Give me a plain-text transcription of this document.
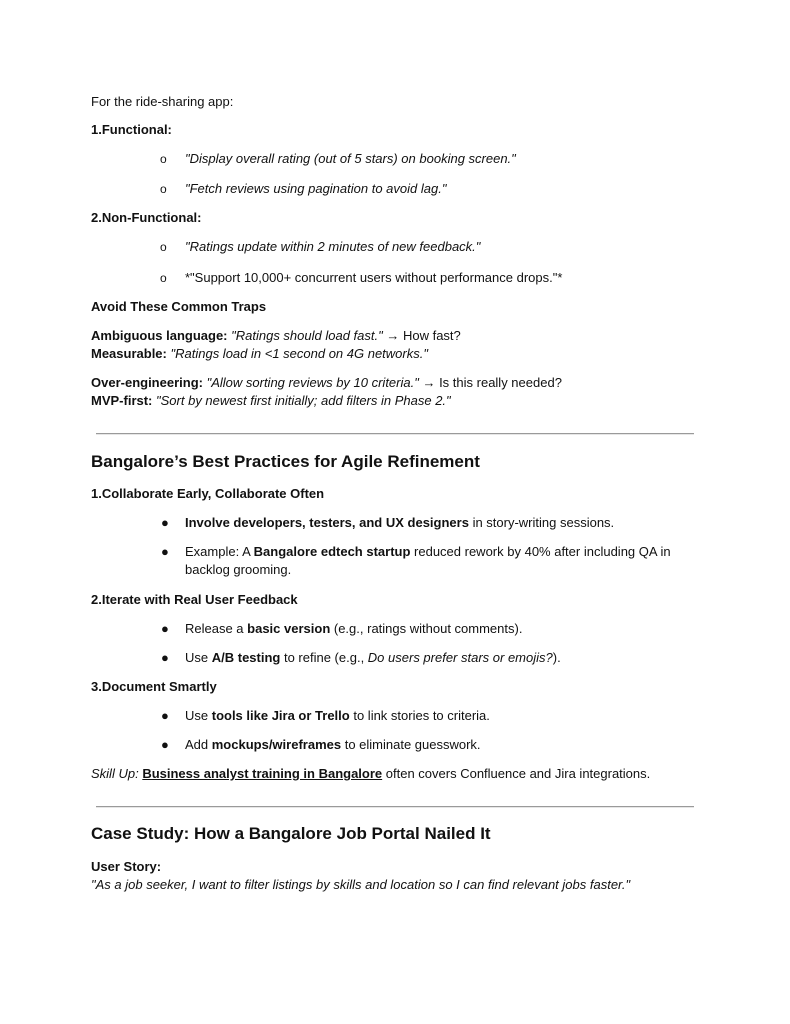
For the ride-sharing app:
1.Functional:
o "Display overall rating (out of 5 stars) on booking screen."
o "Fetch reviews using pagination to avoid lag."
2.Non-Functional:
o "Ratings update within 2 minutes of new feedback."
o *"Support 10,000+ concurrent users without performance drops."*
Avoid These Common Traps
Ambiguous language: "Ratings should load fast." → How fast?
Measurable: "Ratings load in <1 second on 4G networks."
Over-engineering: "Allow sorting reviews by 10 criteria." → Is this really needed?
MVP-first: "Sort by newest first initially; add filters in Phase 2."
Bangalore’s Best Practices for Agile Refinement
1.Collaborate Early, Collaborate Often
● Involve developers, testers, and UX designers in story-writing sessions.
● Example: A Bangalore edtech startup reduced rework by 40% after including QA in
backlog grooming.
2.Iterate with Real User Feedback
● Release a basic version (e.g., ratings without comments).
● Use A/B testing to refine (e.g., Do users prefer stars or emojis?).
3.Document Smartly
● Use tools like Jira or Trello to link stories to criteria.
● Add mockups/wireframes to eliminate guesswork.
Skill Up: Business analyst training in Bangalore often covers Confluence and Jira integrations.
Case Study: How a Bangalore Job Portal Nailed It
User Story:
"As a job seeker, I want to filter listings by skills and location so I can find relevant jobs faster."
